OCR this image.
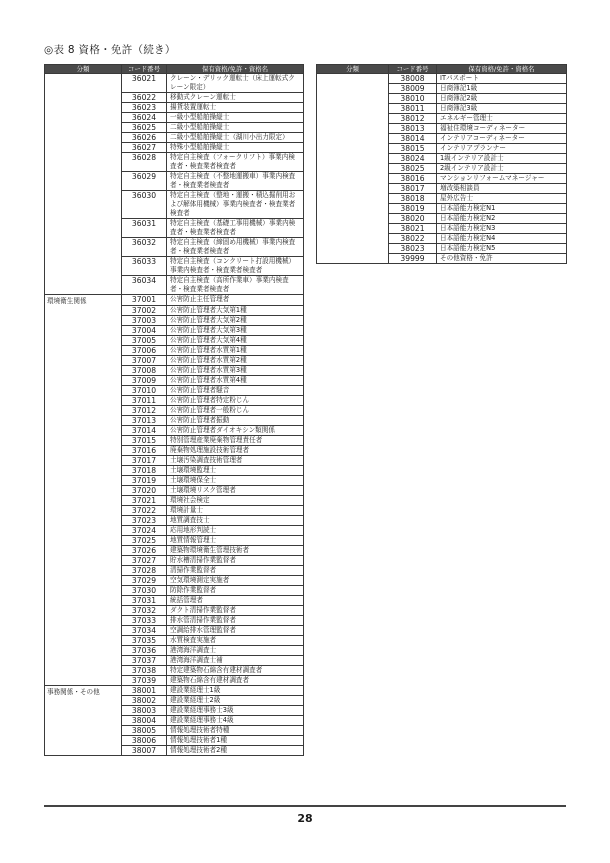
◎表 8 資格・免許（続き）
分類	コード番号	保有資格/免許・資格名
	36021	クレーン・デリック運転士（床上運転式クレーン限定）
	36022	移動式クレーン運転士
	36023	揚貨装置運転士
	36024	一級小型船舶操縦士
	36025	二級小型船舶操縦士
	36026	二級小型船舶操縦士（湖川小出力限定）
	36027	特殊小型船舶操縦士
	36028	特定自主検査（フォークリフト）事業内検査者・検査業者検査者
	36029	特定自主検査（不整地運搬車）事業内検査者・検査業者検査者
	36030	特定自主検査（整地・運搬・積込掘削用および解体用機械）事業内検査者・検査業者検査者
	36031	特定自主検査（基礎工事用機械）事業内検査者・検査業者検査者
	36032	特定自主検査（締固め用機械）事業内検査者・検査業者検査者
	36033	特定自主検査（コンクリート打設用機械）事業内検査者・検査業者検査者
	36034	特定自主検査（高所作業車）事業内検査者・検査業者検査者
環境衛生関係	37001	公害防止主任管理者
	37002	公害防止管理者大気第1種
	37003	公害防止管理者大気第2種
	37004	公害防止管理者大気第3種
	37005	公害防止管理者大気第4種
	37006	公害防止管理者水質第1種
	37007	公害防止管理者水質第2種
	37008	公害防止管理者水質第3種
	37009	公害防止管理者水質第4種
	37010	公害防止管理者騒音
	37011	公害防止管理者特定粉じん
	37012	公害防止管理者一般粉じん
	37013	公害防止管理者振動
	37014	公害防止管理者ダイオキシン類関係
	37015	特別管理産業廃棄物管理責任者
	37016	廃棄物処理施設技術管理者
	37017	土壌汚染調査技術管理者
	37018	土壌環境監理士
	37019	土壌環境保全士
	37020	土壌環境リスク管理者
	37021	環境社会検定
	37022	環境計量士
	37023	地質調査技士
	37024	応用地形判読士
	37025	地質情報管理士
	37026	建築物環境衛生管理技術者
	37027	貯水槽清掃作業監督者
	37028	清掃作業監督者
	37029	空気環境測定実施者
	37030	防除作業監督者
	37031	統括管理者
	37032	ダクト清掃作業監督者
	37033	排水管清掃作業監督者
	37034	空調給排水管理監督者
	37035	水質検査実施者
	37036	港湾海洋調査士
	37037	港湾海洋調査士補
	37038	特定建築物石綿含有建材調査者
	37039	建築物石綿含有建材調査者
事務関係・その他	38001	建設業経理士1級
	38002	建設業経理士2級
	38003	建設業経理事務士3級
	38004	建設業経理事務士4級
	38005	情報処理技術者特種
	38006	情報処理技術者1種
	38007	情報処理技術者2種
分類	コード番号	保有資格/免許・資格名
	38008	ITパスポート
	38009	日商簿記1級
	38010	日商簿記2級
	38011	日商簿記3級
	38012	エネルギー管理士
	38013	福祉住環境コーディネーター
	38014	インテリアコーディネーター
	38015	インテリアプランナー
	38024	1級インテリア設計士
	38025	2級インテリア設計士
	38016	マンションリフォームマネージャー
	38017	増改築相談員
	38018	屋外広告士
	38019	日本語能力検定N1
	38020	日本語能力検定N2
	38021	日本語能力検定N3
	38022	日本語能力検定N4
	38023	日本語能力検定N5
	39999	その他資格・免許
28
